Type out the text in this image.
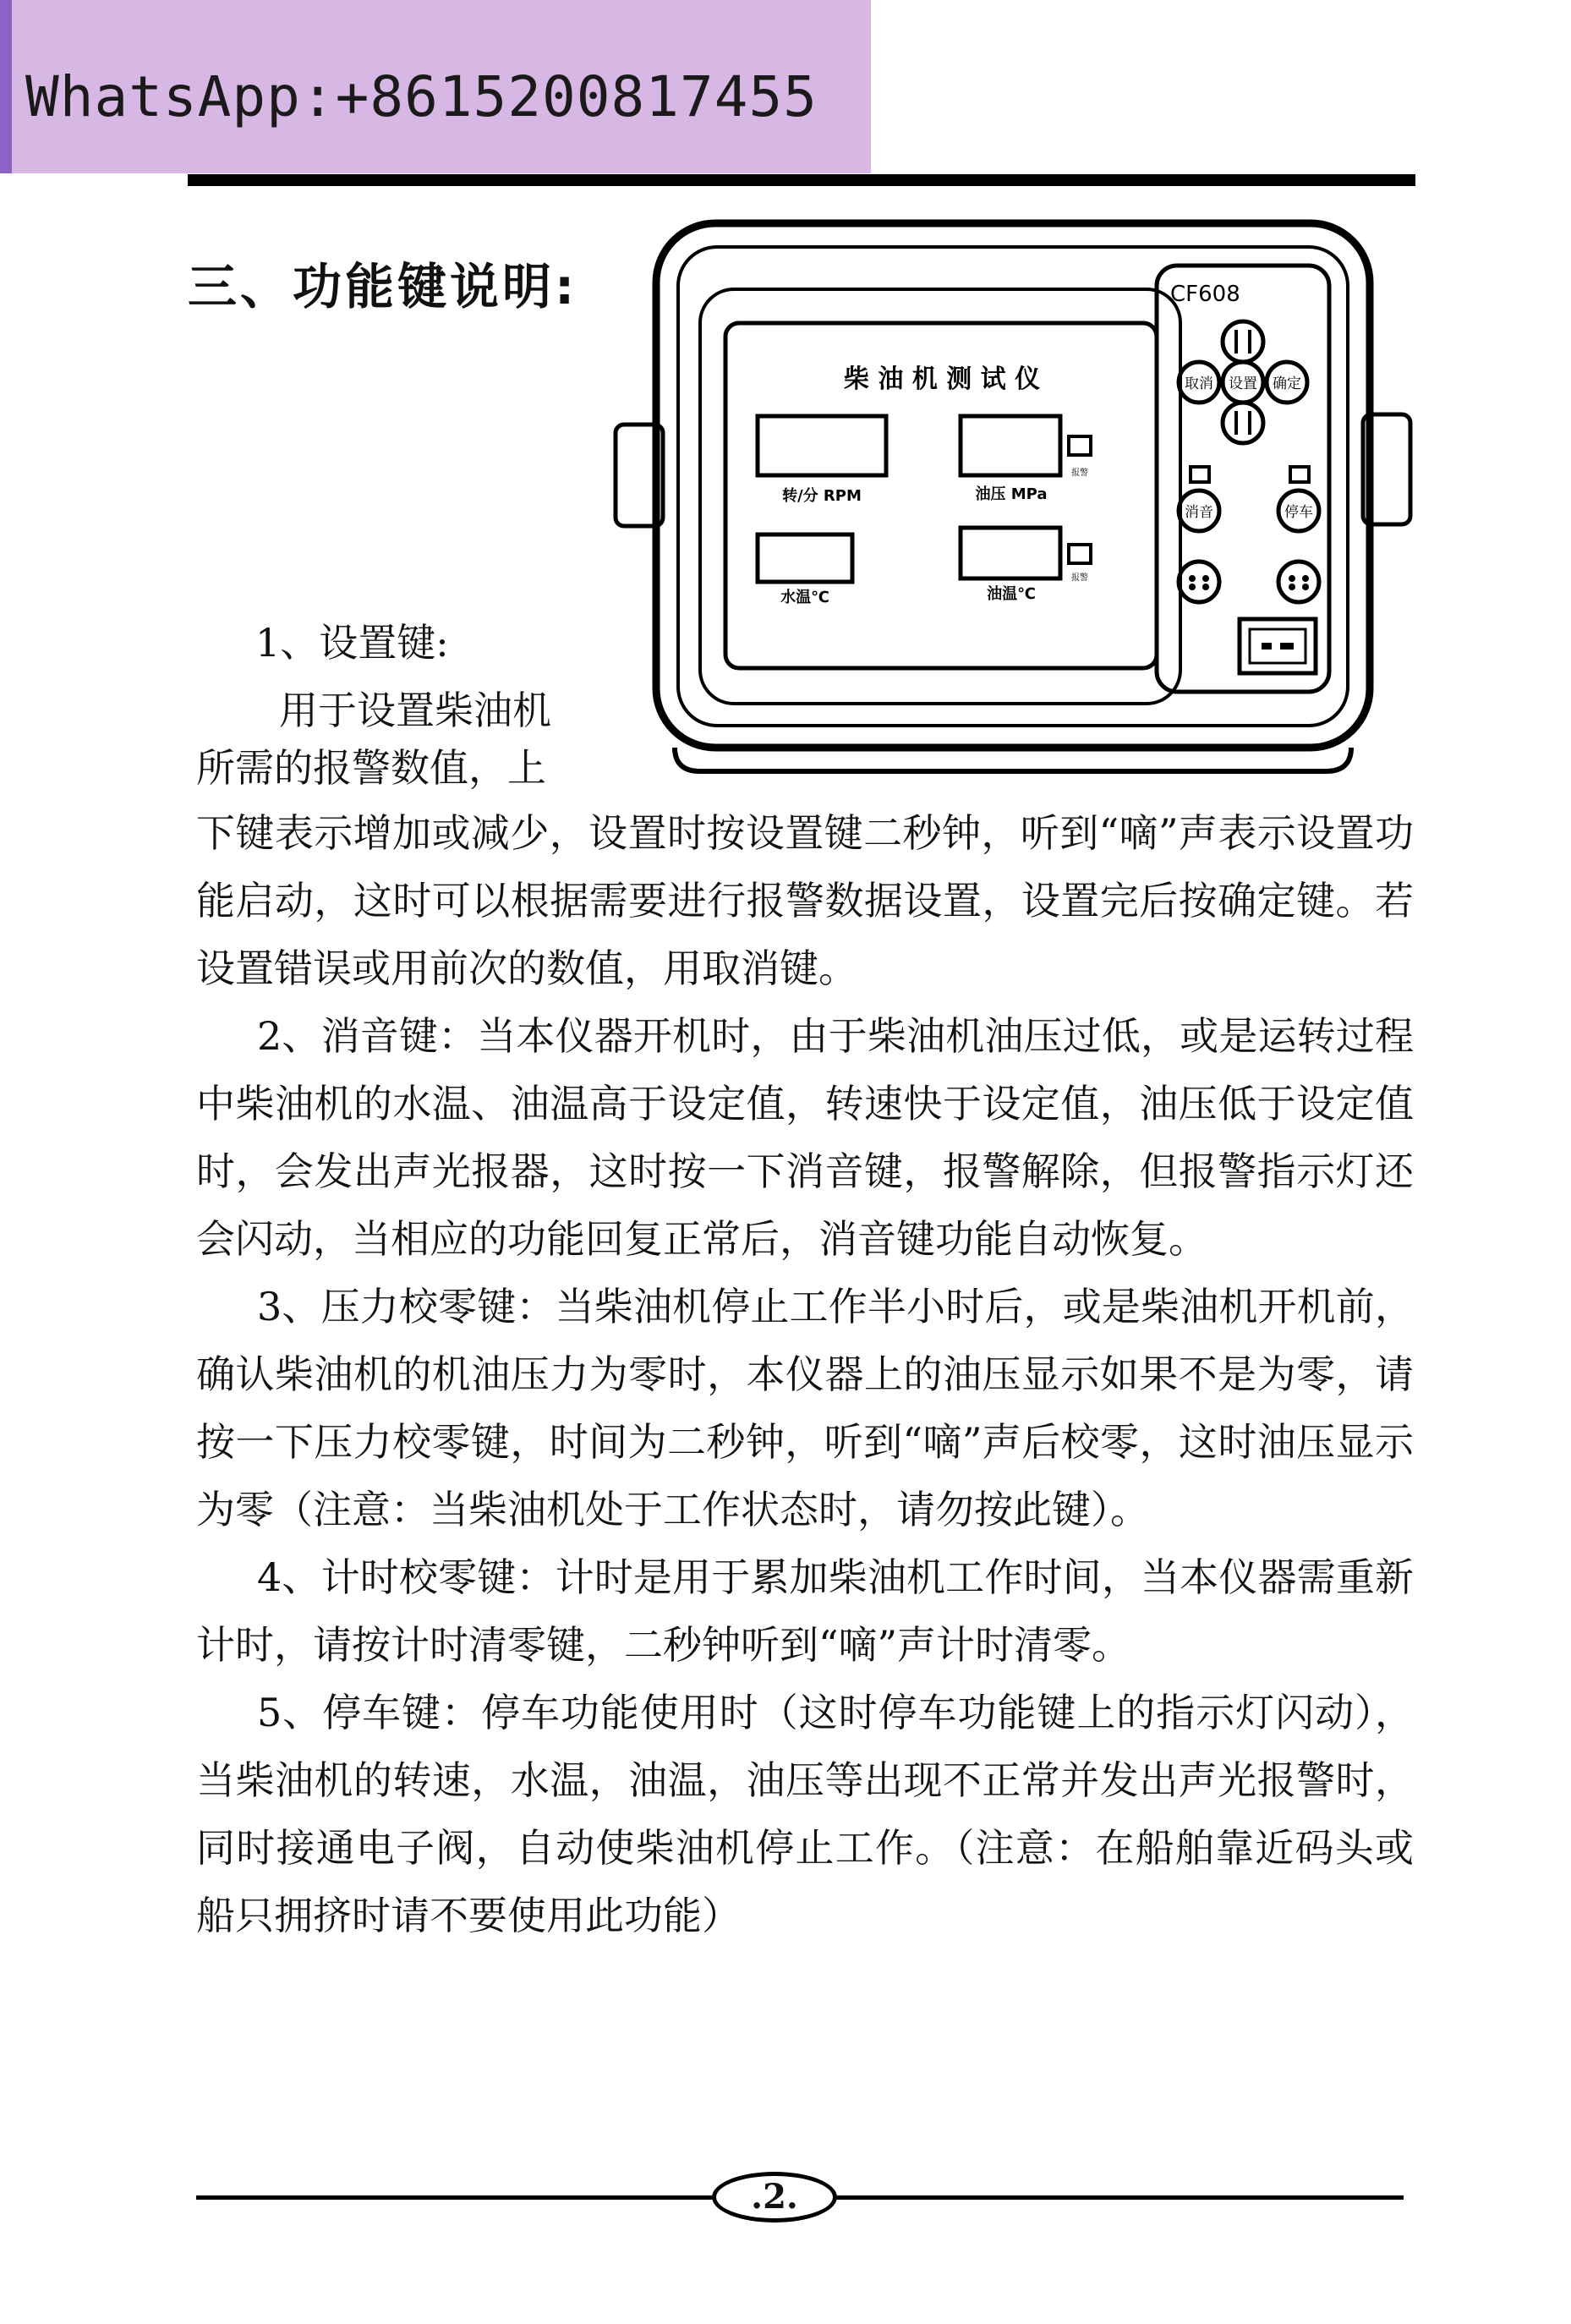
WhatsApp:+8615200817455
三、功能键说明:	CF608
柴 油 机 测 试 仪
转/分 RPM	油压 MPa
水温℃	油温℃
报警
报警
取消 设置 确定
消音	停车

1、设置键:

用于设置柴油机

所需的报警数值，上

下键表示增加或减少，设置时按设置键二秒钟，听到“嘀”声表示设置功能启动，这时可以根据需要进行报警数据设置，设置完后按确定键。若设置错误或用前次的数值，用取消键。

2、消音键：当本仪器开机时，由于柴油机油压过低，或是运转过程中柴油机的水温、油温高于设定值，转速快于设定值，油压低于设定值时，会发出声光报器，这时按一下消音键，报警解除，但报警指示灯还会闪动，当相应的功能回复正常后，消音键功能自动恢复。

3、压力校零键：当柴油机停止工作半小时后，或是柴油机开机前，确认柴油机的机油压力为零时，本仪器上的油压显示如果不是为零，请按一下压力校零键，时间为二秒钟，听到“嘀”声后校零，这时油压显示为零（注意：当柴油机处于工作状态时，请勿按此键）。

4、计时校零键：计时是用于累加柴油机工作时间，当本仪器需重新计时，请按计时清零键，二秒钟听到“嘀”声计时清零。

5、停车键：停车功能使用时（这时停车功能键上的指示灯闪动），当柴油机的转速，水温，油温，油压等出现不正常并发出声光报警时，同时接通电子阀，自动使柴油机停止工作。（注意：在船舶靠近码头或船只拥挤时请不要使用此功能）

.2.
